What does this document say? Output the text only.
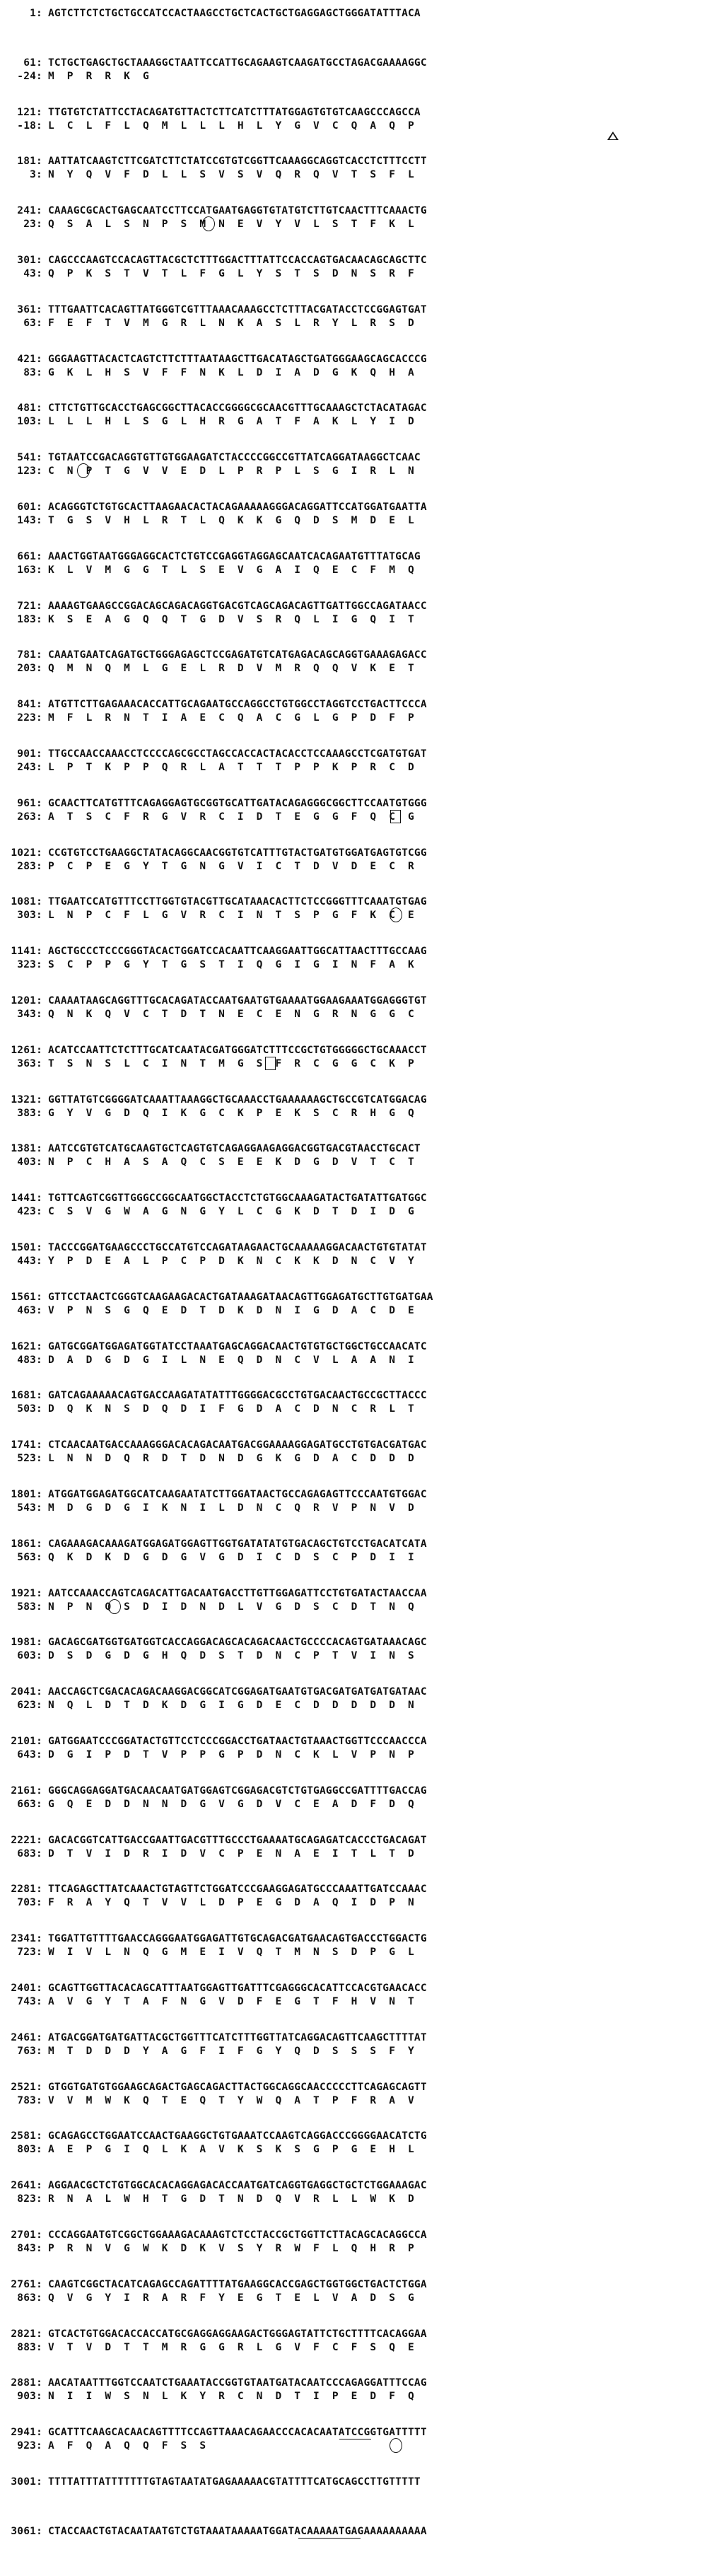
1: AGTCTTCTCTGCTGCCATCCACTAAGCCTGCTCACTGCTGAGGAGCTGGGATATTTACA
61: TCTGCTGAGCTGCTAAAGGCTAATTCCATTGCAGAAGTCAAGATGCCTAGACGAAAAGGC
-24: M  P  R  R  K  G
121: TTGTGTCTATTCCTACAGATGTTACTCTTCATCTTTATGGAGTGTGTCAAGCCCAGCCA
-18: L  C  L  F  L  Q  M  L  L  L  H  L  Y  G  V  C  Q  A  Q  P
181: AATTATCAAGTCTTCGATCTTCTATCCGTGTCGGTTCAAAGGCAGGTCACCTCTTTCCTT
3: N  Y  Q  V  F  D  L  L  S  V  S  V  Q  R  Q  V  T  S  F  L
241: CAAAGCGCACTGAGCAATCCTTCCATGAATGAGGTGTATGTCTTGTCAACTTTCAAACTG
23: Q  S  A  L  S  N  P  S  M  N  E  V  Y  V  L  S  T  F  K  L
301: CAGCCCAAGTCCACAGTTACGCTCTTTGGACTTTATTCCACCAGTGACAACAGCAGCTTC
43: Q  P  K  S  T  V  T  L  F  G  L  Y  S  T  S  D  N  S  R  F
361: TTTGAATTCACAGTTATGGGTCGTTTAAACAAAGCCTCTTTACGATACCTCCGGAGTGAT
63: F  E  F  T  V  M  G  R  L  N  K  A  S  L  R  Y  L  R  S  D
421: GGGAAGTTACACTCAGTCTTCTTTAATAAGCTTGACATAGCTGATGGGAAGCAGCACCCG
83: G  K  L  H  S  V  F  F  N  K  L  D  I  A  D  G  K  Q  H  A
481: CTTCTGTTGCACCTGAGCGGCTTACACCGGGGCGCAACGTTTGCAAAGCTCTACATAGAC
103: L  L  L  H  L  S  G  L  H  R  G  A  T  F  A  K  L  Y  I  D
541: TGTAATCCGACAGGTGTTGTGGAAGATCTACCCCGGCCGTTATCAGGATAAGGCTCAAC
123: C  N  P  T  G  V  V  E  D  L  P  R  P  L  S  G  I  R  L  N
601: ACAGGGTCTGTGCACTTAAGAACACTACAGAAAAAGGGACAGGATTCCATGGATGAATTA
143: T  G  S  V  H  L  R  T  L  Q  K  K  G  Q  D  S  M  D  E  L
661: AAACTGGTAATGGGAGGCACTCTGTCCGAGGTAGGAGCAATCACAGAATGTTTATGCAG
163: K  L  V  M  G  G  T  L  S  E  V  G  A  I  Q  E  C  F  M  Q
721: AAAAGTGAAGCCGGACAGCAGACAGGTGACGTCAGCAGACAGTTGATTGGCCAGATAACC
183: K  S  E  A  G  Q  Q  T  G  D  V  S  R  Q  L  I  G  Q  I  T
781: CAAATGAATCAGATGCTGGGAGAGCTCCGAGATGTCATGAGACAGCAGGTGAAAGAGACC
203: Q  M  N  Q  M  L  G  E  L  R  D  V  M  R  Q  Q  V  K  E  T
841: ATGTTCTTGAGAAACACCATTGCAGAATGCCAGGCCTGTGGCCTAGGTCCTGACTTCCCA
223: M  F  L  R  N  T  I  A  E  C  Q  A  C  G  L  G  P  D  F  P
901: TTGCCAACCAAACCTCCCCAGCGCCTAGCCACCACTACACCTCCAAAGCCTCGATGTGAT
243: L  P  T  K  P  P  Q  R  L  A  T  T  T  P  P  K  P  R  C  D
961: GCAACTTCATGTTTCAGAGGAGTGCGGTGCATTGATACAGAGGGCGGCTTCCAATGTGGG
263: A  T  S  C  F  R  G  V  R  C  I  D  T  E  G  G  F  Q  C  G
1021: CCGTGTCCTGAAGGCTATACAGGCAACGGTGTCATTTGTACTGATGTGGATGAGTGTCGG
283: P  C  P  E  G  Y  T  G  N  G  V  I  C  T  D  V  D  E  C  R
1081: TTGAATCCATGTTTCCTTGGTGTACGTTGCATAAACACTTCTCCGGGTTTCAAATGTGAG
303: L  N  P  C  F  L  G  V  R  C  I  N  T  S  P  G  F  K  C  E
1141: AGCTGCCCTCCCGGGTACACTGGATCCACAATTCAAGGAATTGGCATTAACTTTGCCAAG
323: S  C  P  P  G  Y  T  G  S  T  I  Q  G  I  G  I  N  F  A  K
1201: CAAAATAAGCAGGTTTGCACAGATACCAATGAATGTGAAAATGGAAGAAATGGAGGGTGT
343: Q  N  K  Q  V  C  T  D  T  N  E  C  E  N  G  R  N  G  G  C
1261: ACATCCAATTCTCTTTGCATCAATACGATGGGATCTTTCCGCTGTGGGGGCTGCAAACCT
363: T  S  N  S  L  C  I  N  T  M  G  S  F  R  C  G  G  C  K  P
1321: GGTTATGTCGGGGATCAAATTAAAGGCTGCAAACCTGAAAAAAGCTGCCGTCATGGACAG
383: G  Y  V  G  D  Q  I  K  G  C  K  P  E  K  S  C  R  H  G  Q
1381: AATCCGTGTCATGCAAGTGCTCAGTGTCAGAGGAAGAGGACGGTGACGTAACCTGCACT
403: N  P  C  H  A  S  A  Q  C  S  E  E  K  D  G  D  V  T  C  T
1441: TGTTCAGTCGGTTGGGCCGGCAATGGCTACCTCTGTGGCAAAGATACTGATATTGATGGC
423: C  S  V  G  W  A  G  N  G  Y  L  C  G  K  D  T  D  I  D  G
1501: TACCCGGATGAAGCCCTGCCATGTCCAGATAAGAACTGCAAAAAGGACAACTGTGTATAT
443: Y  P  D  E  A  L  P  C  P  D  K  N  C  K  K  D  N  C  V  Y
1561: GTTCCTAACTCGGGTCAAGAAGACACTGATAAAGATAACAGTTGGAGATGCTTGTGATGAA
463: V  P  N  S  G  Q  E  D  T  D  K  D  N  I  G  D  A  C  D  E
1621: GATGCGGATGGAGATGGTATCCTAAATGAGCAGGACAACTGTGTGCTGGCTGCCAACATC
483: D  A  D  G  D  G  I  L  N  E  Q  D  N  C  V  L  A  A  N  I
1681: GATCAGAAAAACAGTGACCAAGATATATTTGGGGACGCCTGTGACAACTGCCGCTTACCC
503: D  Q  K  N  S  D  Q  D  I  F  G  D  A  C  D  N  C  R  L  T
1741: CTCAACAATGACCAAAGGGACACAGACAATGACGGAAAAGGAGATGCCTGTGACGATGAC
523: L  N  N  D  Q  R  D  T  D  N  D  G  K  G  D  A  C  D  D  D
1801: ATGGATGGAGATGGCATCAAGAATATCTTGGATAACTGCCAGAGAGTTCCCAATGTGGAC
543: M  D  G  D  G  I  K  N  I  L  D  N  C  Q  R  V  P  N  V  D
1861: CAGAAAGACAAAGATGGAGATGGAGTTGGTGATATATGTGACAGCTGTCCTGACATCATA
563: Q  K  D  K  D  G  D  G  V  G  D  I  C  D  S  C  P  D  I  I
1921: AATCCAAACCAGTCAGACATTGACAATGACCTTGTTGGAGATTCCTGTGATACTAACCAA
583: N  P  N  Q  S  D  I  D  N  D  L  V  G  D  S  C  D  T  N  Q
1981: GACAGCGATGGTGATGGTCACCAGGACAGCACAGACAACTGCCCCACAGTGATAAACAGC
603: D  S  D  G  D  G  H  Q  D  S  T  D  N  C  P  T  V  I  N  S
2041: AACCAGCTCGACACAGACAAGGACGGCATCGGAGATGAATGTGACGATGATGATGATAAC
623: N  Q  L  D  T  D  K  D  G  I  G  D  E  C  D  D  D  D  D  N
2101: GATGGAATCCCGGATACTGTTCCTCCCGGACCTGATAACTGTAAACTGGTTCCCAACCCA
643: D  G  I  P  D  T  V  P  P  G  P  D  N  C  K  L  V  P  N  P
2161: GGGCAGGAGGATGACAACAATGATGGAGTCGGAGACGTCTGTGAGGCCGATTTTGACCAG
663: G  Q  E  D  D  N  N  D  G  V  G  D  V  C  E  A  D  F  D  Q
2221: GACACGGTCATTGACCGAATTGACGTTTGCCCTGAAAATGCAGAGATCACCCTGACAGAT
683: D  T  V  I  D  R  I  D  V  C  P  E  N  A  E  I  T  L  T  D
2281: TTCAGAGCTTATCAAACTGTAGTTCTGGATCCCGAAGGAGATGCCCAAATTGATCCAAAC
703: F  R  A  Y  Q  T  V  V  L  D  P  E  G  D  A  Q  I  D  P  N
2341: TGGATTGTTTTGAACCAGGGAATGGAGATTGTGCAGACGATGAACAGTGACCCTGGACTG
723: W  I  V  L  N  Q  G  M  E  I  V  Q  T  M  N  S  D  P  G  L
2401: GCAGTTGGTTACACAGCATTTAATGGAGTTGATTTCGAGGGCACATTCCACGTGAACACC
743: A  V  G  Y  T  A  F  N  G  V  D  F  E  G  T  F  H  V  N  T
2461: ATGACGGATGATGATTACGCTGGTTTCATCTTTGGTTATCAGGACAGTTCAAGCTTTTAT
763: M  T  D  D  D  Y  A  G  F  I  F  G  Y  Q  D  S  S  S  F  Y
2521: GTGGTGATGTGGAAGCAGACTGAGCAGACTTACTGGCAGGCAACCCCCTTCAGAGCAGTT
783: V  V  M  W  K  Q  T  E  Q  T  Y  W  Q  A  T  P  F  R  A  V
2581: GCAGAGCCTGGAATCCAACTGAAGGCTGTGAAATCCAAGTCAGGACCCGGGGAACATCTG
803: A  E  P  G  I  Q  L  K  A  V  K  S  K  S  G  P  G  E  H  L
2641: AGGAACGCTCTGTGGCACACAGGAGACACCAATGATCAGGTGAGGCTGCTCTGGAAAGAC
823: R  N  A  L  W  H  T  G  D  T  N  D  Q  V  R  L  L  W  K  D
2701: CCCAGGAATGTCGGCTGGAAAGACAAAGTCTCCTACCGCTGGTTCTTACAGCACAGGCCA
843: P  R  N  V  G  W  K  D  K  V  S  Y  R  W  F  L  Q  H  R  P
2761: CAAGTCGGCTACATCAGAGCCAGATTTTATGAAGGCACCGAGCTGGTGGCTGACTCTGGA
863: Q  V  G  Y  I  R  A  R  F  Y  E  G  T  E  L  V  A  D  S  G
2821: GTCACTGTGGACACCACCATGCGAGGAGGAAGACTGGGAGTATTCTGCTTTTCACAGGAA
883: V  T  V  D  T  T  M  R  G  G  R  L  G  V  F  C  F  S  Q  E
2881: AACATAATTTGGTCCAATCTGAAATACCGGTGTAATGATACAATCCCAGAGGATTTCCAG
903: N  I  I  W  S  N  L  K  Y  R  C  N  D  T  I  P  E  D  F  Q
2941: GCATTTCAAGCACAACAGTTTTCCAGTTAAACAGAACCCACACAATATCCGGTGATTTTT
923: A  F  Q  A  Q  Q  F  S  S
3001: TTTTATTTATTTTTTTGTAGTAATATGAGAAAAACGTATTTTCATGCAGCCTTGTTTTT
3061: CTACCAACTGTACAATAATGTCTGTAAATAAAAATGGATACAAAAATGAGAAAAAAAAAA
